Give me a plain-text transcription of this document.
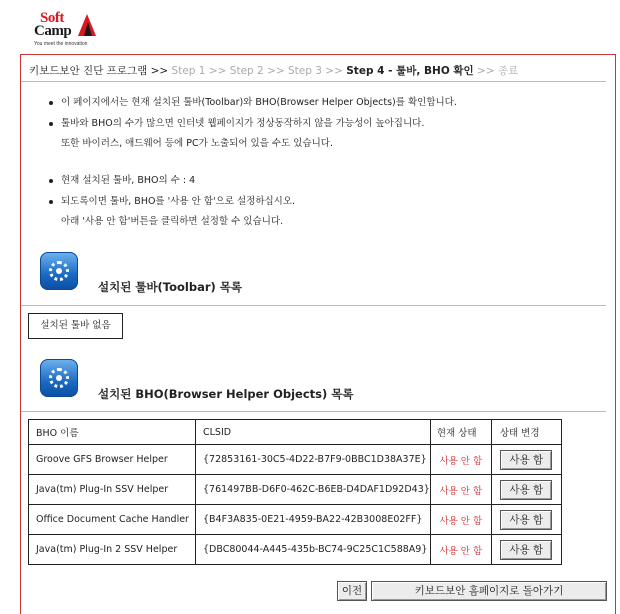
Soft
Camp
You meet the innovation
키보드보안 진단 프로그램 >> Step 1 >> Step 2 >> Step 3 >> Step 4 - 툴바, BHO 확인 >> 종료
이 페이지에서는 현재 설치된 툴바(Toolbar)와 BHO(Browser Helper Objects)를 확인합니다.
툴바와 BHO의 수가 많으면 인터넷 웹페이지가 정상동작하지 않을 가능성이 높아집니다.
또한 바이러스, 애드웨어 등에 PC가 노출되어 있을 수도 있습니다.
현재 설치된 툴바, BHO의 수 : 4
되도록이면 툴바, BHO를 '사용 안 함'으로 설정하십시오.
아래 '사용 안 함'버튼을 클릭하면 설정할 수 있습니다.
설치된 툴바(Toolbar) 목록
설치된 툴바 없음
설치된 BHO(Browser Helper Objects) 목록
BHO 이름	CLSID	현재 상태	상태 변경
Groove GFS Browser Helper	{72853161-30C5-4D22-B7F9-0BBC1D38A37E}	사용 안 함	사용 함
Java(tm) Plug-In SSV Helper	{761497BB-D6F0-462C-B6EB-D4DAF1D92D43}	사용 안 함	사용 함
Office Document Cache Handler	{B4F3A835-0E21-4959-BA22-42B3008E02FF}	사용 안 함	사용 함
Java(tm) Plug-In 2 SSV Helper	{DBC80044-A445-435b-BC74-9C25C1C588A9}	사용 안 함	사용 함
이전	키보드보안 홈페이지로 돌아가기
